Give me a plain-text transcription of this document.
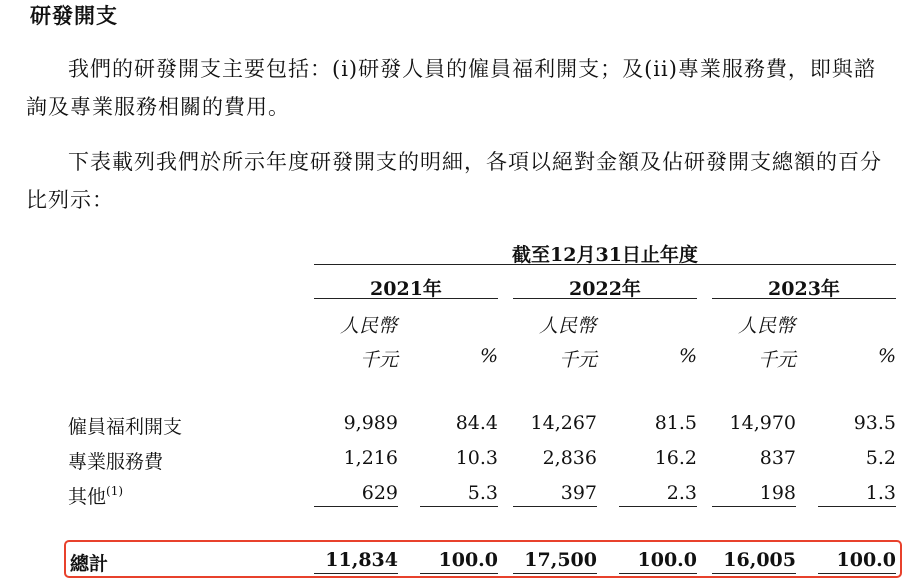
研發開支
我們的研發開支主要包括：(i)研發人員的僱員福利開支；及(ii)專業服務費，即與諮詢及專業服務相關的費用。
下表載列我們於所示年度研發開支的明細，各項以絕對金額及佔研發開支總額的百分比列示：
截至12月31日止年度
2021年	2022年	2023年
人民幣	人民幣	人民幣
千元	%	千元	%	千元	%
僱員福利開支	9,989	84.4	14,267	81.5	14,970	93.5
專業服務費	1,216	10.3	2,836	16.2	837	5.2
其他$^{(1)}$	629	5.3	397	2.3	198	1.3
總計	11,834	100.0	17,500	100.0	16,005	100.0
